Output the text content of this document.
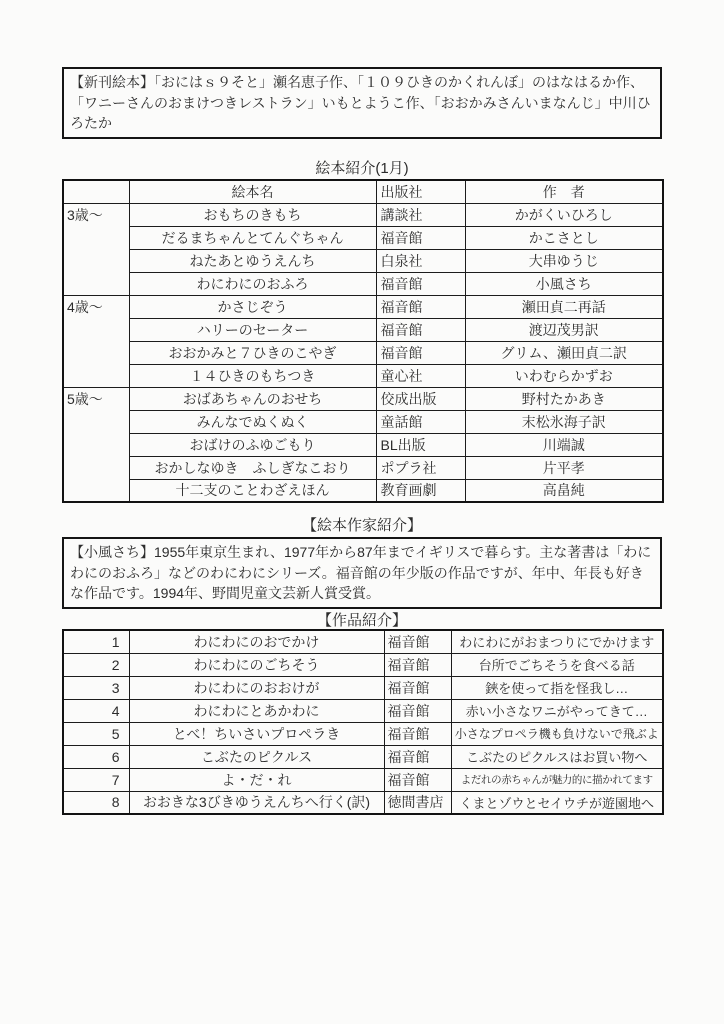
【新刊絵本】「おにはｓ９そと」瀬名恵子作、「１０９ひきのかくれんぼ」のはなはるか作、「ワニーさんのおまけつきレストラン」いもとようこ作、「おおかみさんいまなんじ」中川ひろたか
絵本紹介(1月)
	絵本名	出版社	作　者
3歳～	おもちのきもち	講談社	かがくいひろし
	だるまちゃんとてんぐちゃん	福音館	かこさとし
	ねたあとゆうえんち	白泉社	大串ゆうじ
	わにわにのおふろ	福音館	小風さち
4歳～	かさじぞう	福音館	瀬田貞二再話
	ハリーのセーター	福音館	渡辺茂男訳
	おおかみと７ひきのこやぎ	福音館	グリム、瀬田貞二訳
	１４ひきのもちつき	童心社	いわむらかずお
5歳～	おばあちゃんのおせち	佼成出版	野村たかあき
	みんなでぬくぬく	童話館	末松氷海子訳
	おばけのふゆごもり	BL出版	川端誠
	おかしなゆき　ふしぎなこおり	ポプラ社	片平孝
	十二支のことわざえほん	教育画劇	高畠純
【絵本作家紹介】
【小風さち】1955年東京生まれ、1977年から87年までイギリスで暮らす。主な著書は「わにわにのおふろ」などのわにわにシリーズ。福音館の年少版の作品ですが、年中、年長も好きな作品です。1994年、野間児童文芸新人賞受賞。
【作品紹介】
1	わにわにのおでかけ	福音館	わにわにがおまつりにでかけます
2	わにわにのごちそう	福音館	台所でごちそうを食べる話
3	わにわにのおおけが	福音館	鋏を使って指を怪我し…
4	わにわにとあかわに	福音館	赤い小さなワニがやってきて…
5	とべ！ちいさいプロペラき	福音館	小さなプロペラ機も負けないで飛ぶよ
6	こぶたのピクルス	福音館	こぶたのピクルスはお買い物へ
7	よ・だ・れ	福音館	よだれの赤ちゃんが魅力的に描かれてます
8	おおきな3びきゆうえんちへ行く(訳)	徳間書店	くまとゾウとセイウチが遊園地へ
